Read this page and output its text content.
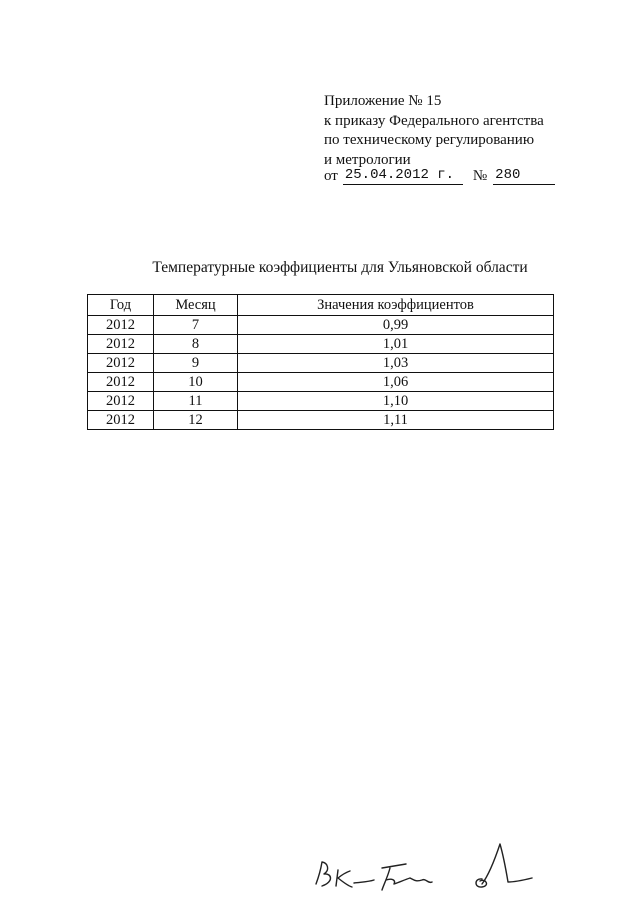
Приложение № 15
к приказу Федерального агентства
по техническому регулированию
и метрологии
от 25.04.2012 г.	№ 280
Температурные коэффициенты для Ульяновской области
Год	Месяц	Значения коэффициентов
2012	7	0,99
2012	8	1,01
2012	9	1,03
2012	10	1,06
2012	11	1,10
2012	12	1,11
